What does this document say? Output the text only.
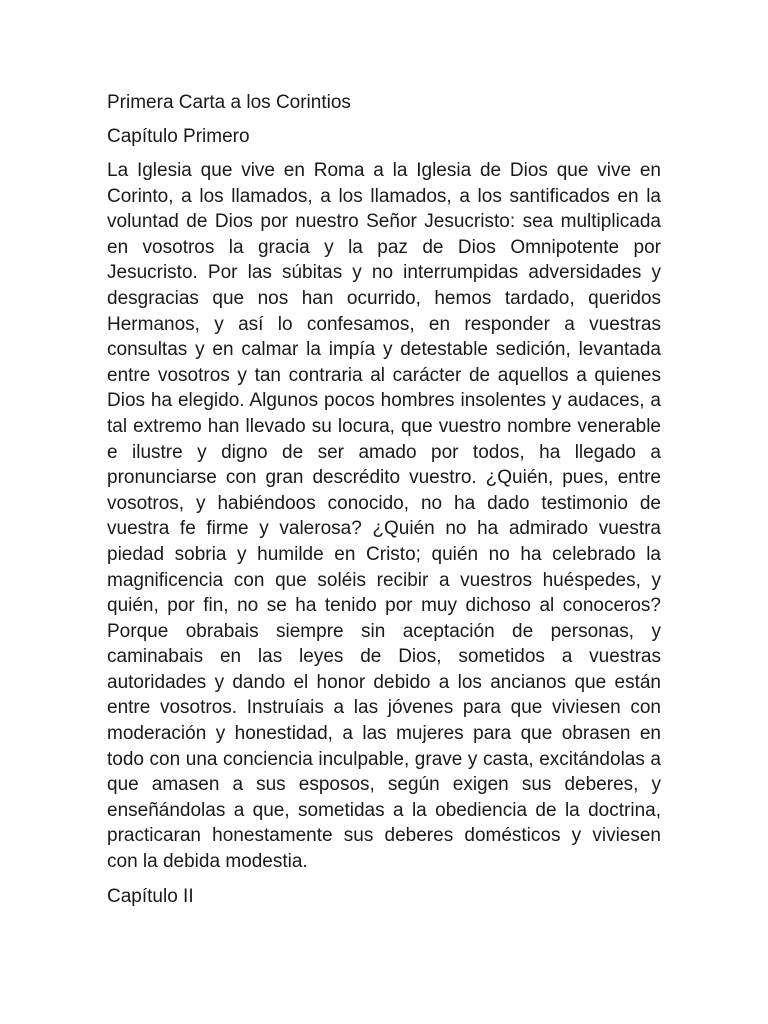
Primera Carta a los Corintios

Capítulo Primero

La Iglesia que vive en Roma a la Iglesia de Dios que vive en Corinto, a los llamados, a los llamados, a los santificados en la voluntad de Dios por nuestro Señor Jesucristo: sea multiplicada en vosotros la gracia y la paz de Dios Omnipotente por Jesucristo. Por las súbitas y no interrumpidas adversidades y desgracias que nos han ocurrido, hemos tardado, queridos Hermanos, y así lo confesamos, en responder a vuestras consultas y en calmar la impía y detestable sedición, levantada entre vosotros y tan contraria al carácter de aquellos a quienes Dios ha elegido. Algunos pocos hombres insolentes y audaces, a tal extremo han llevado su locura, que vuestro nombre venerable e ilustre y digno de ser amado por todos, ha llegado a pronunciarse con gran descrédito vuestro. ¿Quién, pues, entre vosotros, y habiéndoos conocido, no ha dado testimonio de vuestra fe firme y valerosa? ¿Quién no ha admirado vuestra piedad sobria y humilde en Cristo; quién no ha celebrado la magnificencia con que soléis recibir a vuestros huéspedes, y quién, por fin, no se ha tenido por muy dichoso al conoceros? Porque obrabais siempre sin aceptación de personas, y caminabais en las leyes de Dios, sometidos a vuestras autoridades y dando el honor debido a los ancianos que están entre vosotros. Instruíais a las jóvenes para que viviesen con moderación y honestidad, a las mujeres para que obrasen en todo con una conciencia inculpable, grave y casta, excitándolas a que amasen a sus esposos, según exigen sus deberes, y enseñándolas a que, sometidas a la obediencia de la doctrina, practicaran honestamente sus deberes domésticos y viviesen con la debida modestia.

Capítulo II
